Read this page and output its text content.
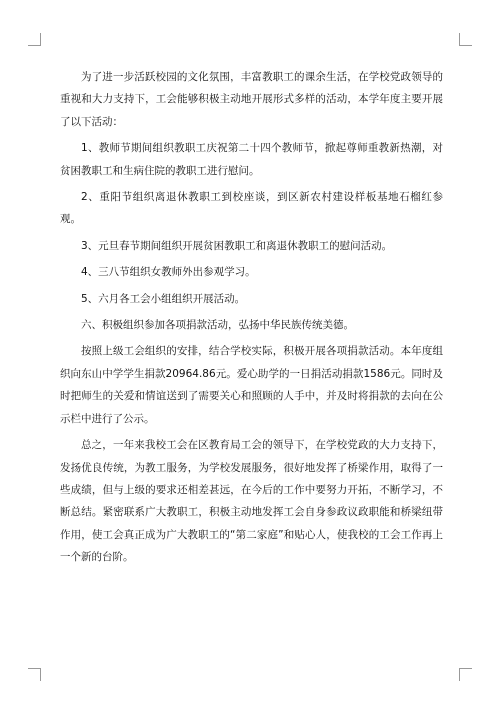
为了进一步活跃校园的文化氛围，丰富教职工的课余生活，在学校党政领导的重视和大力支持下，工会能够积极主动地开展形式多样的活动，本学年度主要开展了以下活动：

1、教师节期间组织教职工庆祝第二十四个教师节，掀起尊师重教新热潮，对贫困教职工和生病住院的教职工进行慰问。

2、重阳节组织离退休教职工到校座谈，到区新农村建设样板基地石榴红参观。

3、元旦春节期间组织开展贫困教职工和离退休教职工的慰问活动。

4、三八节组织女教师外出参观学习。

5、六月各工会小组组织开展活动。

六、积极组织参加各项捐款活动，弘扬中华民族传统美德。

按照上级工会组织的安排，结合学校实际，积极开展各项捐款活动。本年度组织向东山中学学生捐款20964.86元。爱心助学的一日捐活动捐款1586元。同时及时把师生的关爱和情谊送到了需要关心和照顾的人手中，并及时将捐款的去向在公示栏中进行了公示。

总之，一年来我校工会在区教育局工会的领导下，在学校党政的大力支持下，发扬优良传统，为教工服务，为学校发展服务，很好地发挥了桥梁作用，取得了一些成绩，但与上级的要求还相差甚远，在今后的工作中要努力开拓，不断学习，不断总结。紧密联系广大教职工，积极主动地发挥工会自身参政议政职能和桥梁纽带作用，使工会真正成为广大教职工的“第二家庭”和贴心人，使我校的工会工作再上一个新的台阶。
